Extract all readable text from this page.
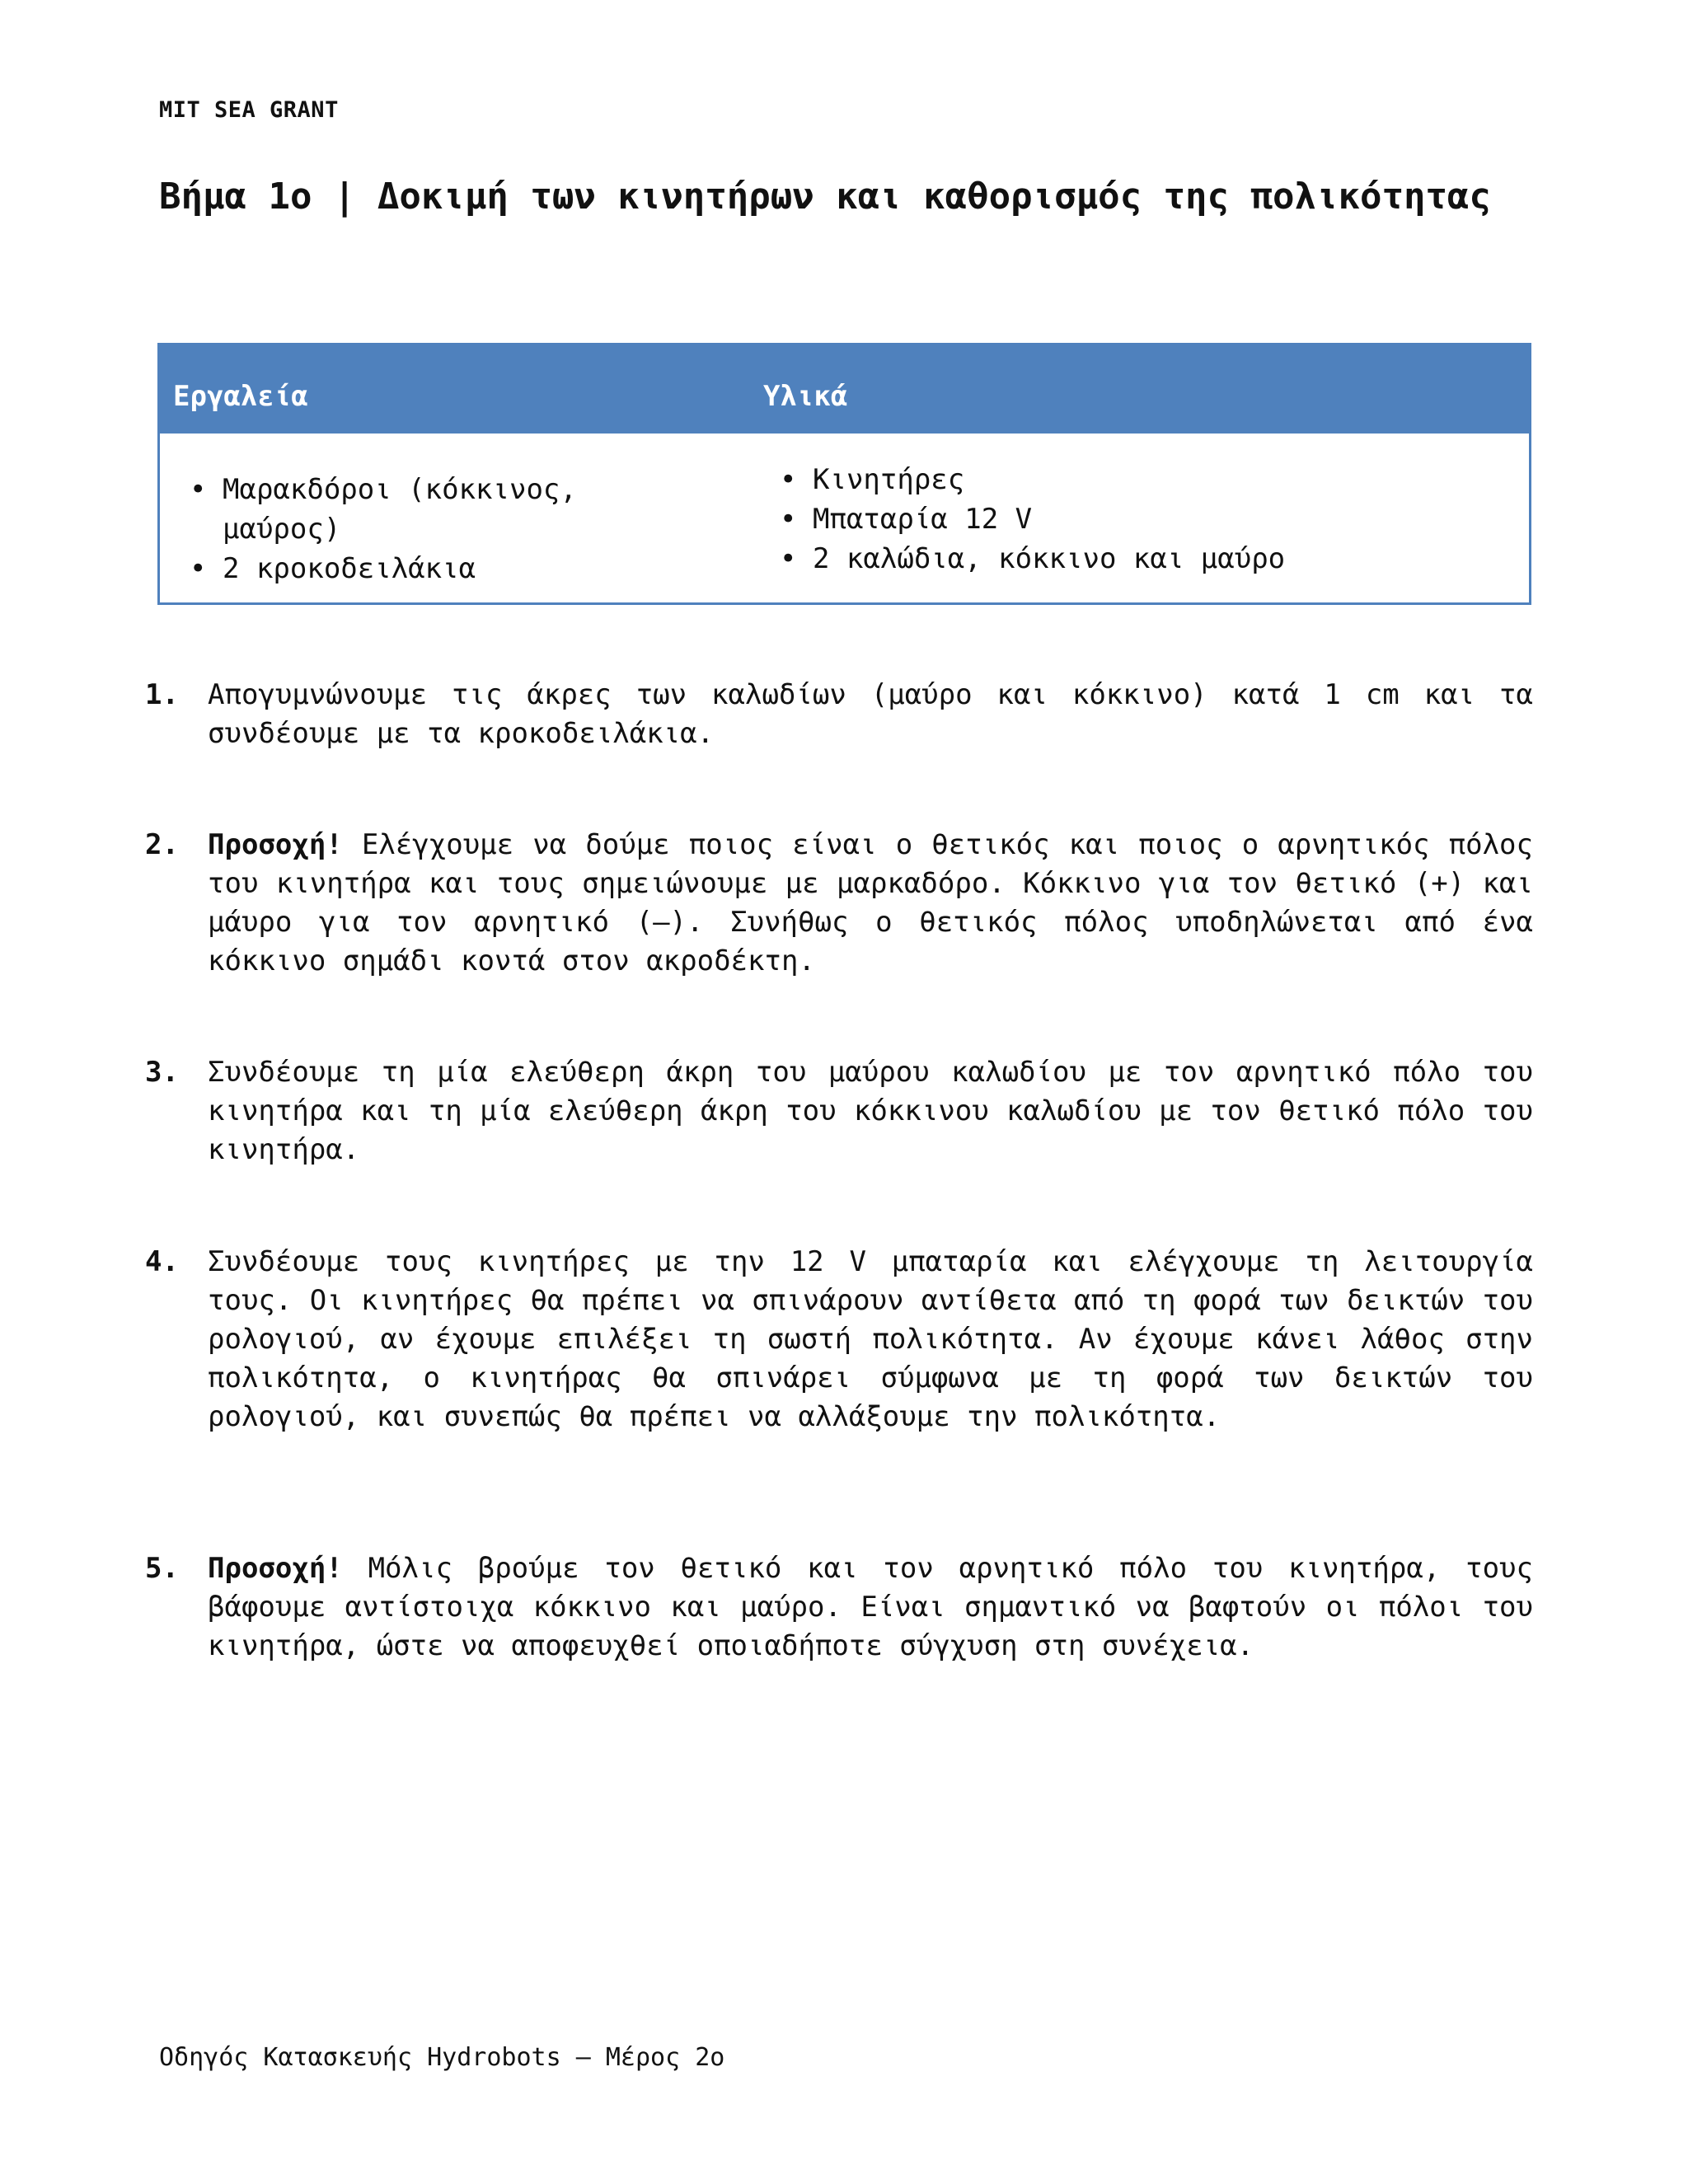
MIT SEA GRANT
Βήμα 1ο | Δοκιμή των κινητήρων και καθορισμός της πολικότητας
Εργαλεία	Υλικά
• Μαρακδόροι (κόκκινος, μαύρος)
• 2 κροκοδειλάκια
• Κινητήρες
• Μπαταρία 12 V
• 2 καλώδια, κόκκινο και μαύρο
1. Απογυμνώνουμε τις άκρες των καλωδίων (μαύρο και κόκκινο) κατά 1 cm και τα συνδέουμε με τα κροκοδειλάκια.
2. Προσοχή! Ελέγχουμε να δούμε ποιος είναι ο θετικός και ποιος ο αρνητικός πόλος του κινητήρα και τους σημειώνουμε με μαρκαδόρο. Κόκκινο για τον θετικό (+) και μάυρο για τον αρνητικό (–). Συνήθως ο θετικός πόλος υποδηλώνεται από ένα κόκκινο σημάδι κοντά στον ακροδέκτη.
3. Συνδέουμε τη μία ελεύθερη άκρη του μαύρου καλωδίου με τον αρνητικό πόλο του κινητήρα και τη μία ελεύθερη άκρη του κόκκινου καλωδίου με τον θετικό πόλο του κινητήρα.
4. Συνδέουμε τους κινητήρες με την 12 V μπαταρία και ελέγχουμε τη λειτουργία τους. Οι κινητήρες θα πρέπει να σπινάρουν αντίθετα από τη φορά των δεικτών του ρολογιού, αν έχουμε επιλέξει τη σωστή πολικότητα. Αν έχουμε κάνει λάθος στην πολικότητα, ο κινητήρας θα σπινάρει σύμφωνα με τη φορά των δεικτών του ρολογιού, και συνεπώς θα πρέπει να αλλάξουμε την πολικότητα.
5. Προσοχή! Μόλις βρούμε τον θετικό και τον αρνητικό πόλο του κινητήρα, τους βάφουμε αντίστοιχα κόκκινο και μαύρο. Είναι σημαντικό να βαφτούν οι πόλοι του κινητήρα, ώστε να αποφευχθεί οποιαδήποτε σύγχυση στη συνέχεια.
Οδηγός Κατασκευής Hydrobots – Μέρος 2ο
